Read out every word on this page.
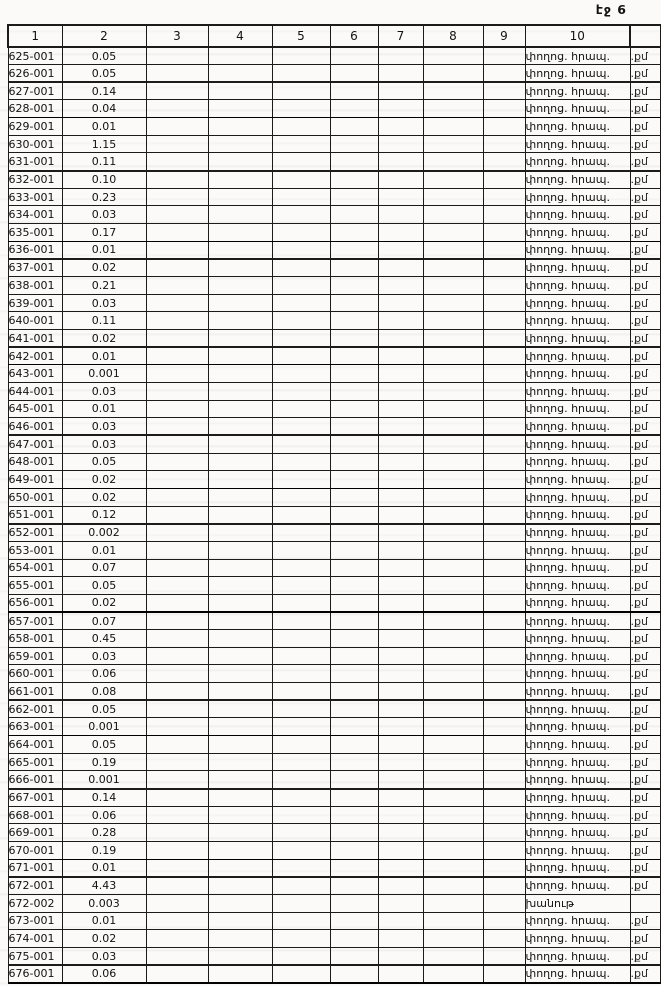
էջ 6
1	2	3	4	5	6	7	8	9	10	
625-001	0.05								փողոց. հրապ.	.քմ
626-001	0.05								փողոց. հրապ.	.քմ
627-001	0.14								փողոց. հրապ.	.քմ
628-001	0.04								փողոց. հրապ.	.քմ
629-001	0.01								փողոց. հրապ.	.քմ
630-001	1.15								փողոց. հրապ.	.քմ
631-001	0.11								փողոց. հրապ.	.քմ
632-001	0.10								փողոց. հրապ.	.քմ
633-001	0.23								փողոց. հրապ.	.քմ
634-001	0.03								փողոց. հրապ.	.քմ
635-001	0.17								փողոց. հրապ.	.քմ
636-001	0.01								փողոց. հրապ.	.քմ
637-001	0.02								փողոց. հրապ.	.քմ
638-001	0.21								փողոց. հրապ.	.քմ
639-001	0.03								փողոց. հրապ.	.քմ
640-001	0.11								փողոց. հրապ.	.քմ
641-001	0.02								փողոց. հրապ.	.քմ
642-001	0.01								փողոց. հրապ.	.քմ
643-001	0.001								փողոց. հրապ.	.քմ
644-001	0.03								փողոց. հրապ.	.քմ
645-001	0.01								փողոց. հրապ.	.քմ
646-001	0.03								փողոց. հրապ.	.քմ
647-001	0.03								փողոց. հրապ.	.քմ
648-001	0.05								փողոց. հրապ.	.քմ
649-001	0.02								փողոց. հրապ.	.քմ
650-001	0.02								փողոց. հրապ.	.քմ
651-001	0.12								փողոց. հրապ.	.քմ
652-001	0.002								փողոց. հրապ.	.քմ
653-001	0.01								փողոց. հրապ.	.քմ
654-001	0.07								փողոց. հրապ.	.քմ
655-001	0.05								փողոց. հրապ.	.քմ
656-001	0.02								փողոց. հրապ.	.քմ
657-001	0.07								փողոց. հրապ.	.քմ
658-001	0.45								փողոց. հրապ.	.քմ
659-001	0.03								փողոց. հրապ.	.քմ
660-001	0.06								փողոց. հրապ.	.քմ
661-001	0.08								փողոց. հրապ.	.քմ
662-001	0.05								փողոց. հրապ.	.քմ
663-001	0.001								փողոց. հրապ.	.քմ
664-001	0.05								փողոց. հրապ.	.քմ
665-001	0.19								փողոց. հրապ.	.քմ
666-001	0.001								փողոց. հրապ.	.քմ
667-001	0.14								փողոց. հրապ.	.քմ
668-001	0.06								փողոց. հրապ.	.քմ
669-001	0.28								փողոց. հրապ.	.քմ
670-001	0.19								փողոց. հրապ.	.քմ
671-001	0.01								փողոց. հրապ.	.քմ
672-001	4.43								փողոց. հրապ.	.քմ
672-002	0.003								խանութ	
673-001	0.01								փողոց. հրապ.	.քմ
674-001	0.02								փողոց. հրապ.	.քմ
675-001	0.03								փողոց. հրապ.	.քմ
676-001	0.06								փողոց. հրապ.	.քմ
